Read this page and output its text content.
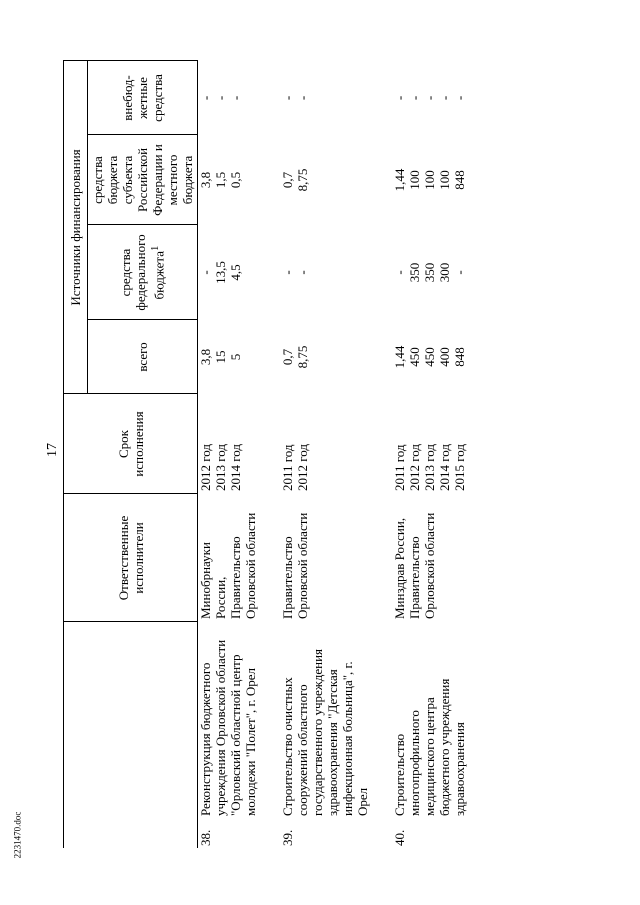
17
2231470.doc
	Ответственные исполнители	Срок исполнения	Источники финансирования			
			всего	средства федерального бюджета$^1$	средства бюджета субъекта Российской Федерации и местного бюджета	внебюд-жетные средства
38.Реконструкция бюджетного учреждения Орловской области "Орловский областной центр молодежи "Полет", г. Орел	Минобрнауки России, Правительство Орловской области	2012 год 2013 год 2014 год	3,8 15 5	- 13,5 4,5	3,8 1,5 0,5	- - -

39.Строительство очистных сооружений областного государственного учреждения здравоохранения "Детская инфекционная больница", г. Орел	Правительство Орловской области	2011 год 2012 год	0,7 8,75	- -	0,7 8,75	- -

40.Строительство многопрофильного медицинского центра бюджетного учреждения здравоохранения	Минздрав России, Правительство Орловской области	2011 год 2012 год 2013 год 2014 год 2015 год	1,44 450 450 400 848	- 350 350 300 -	1,44 100 100 100 848	- - - - -
